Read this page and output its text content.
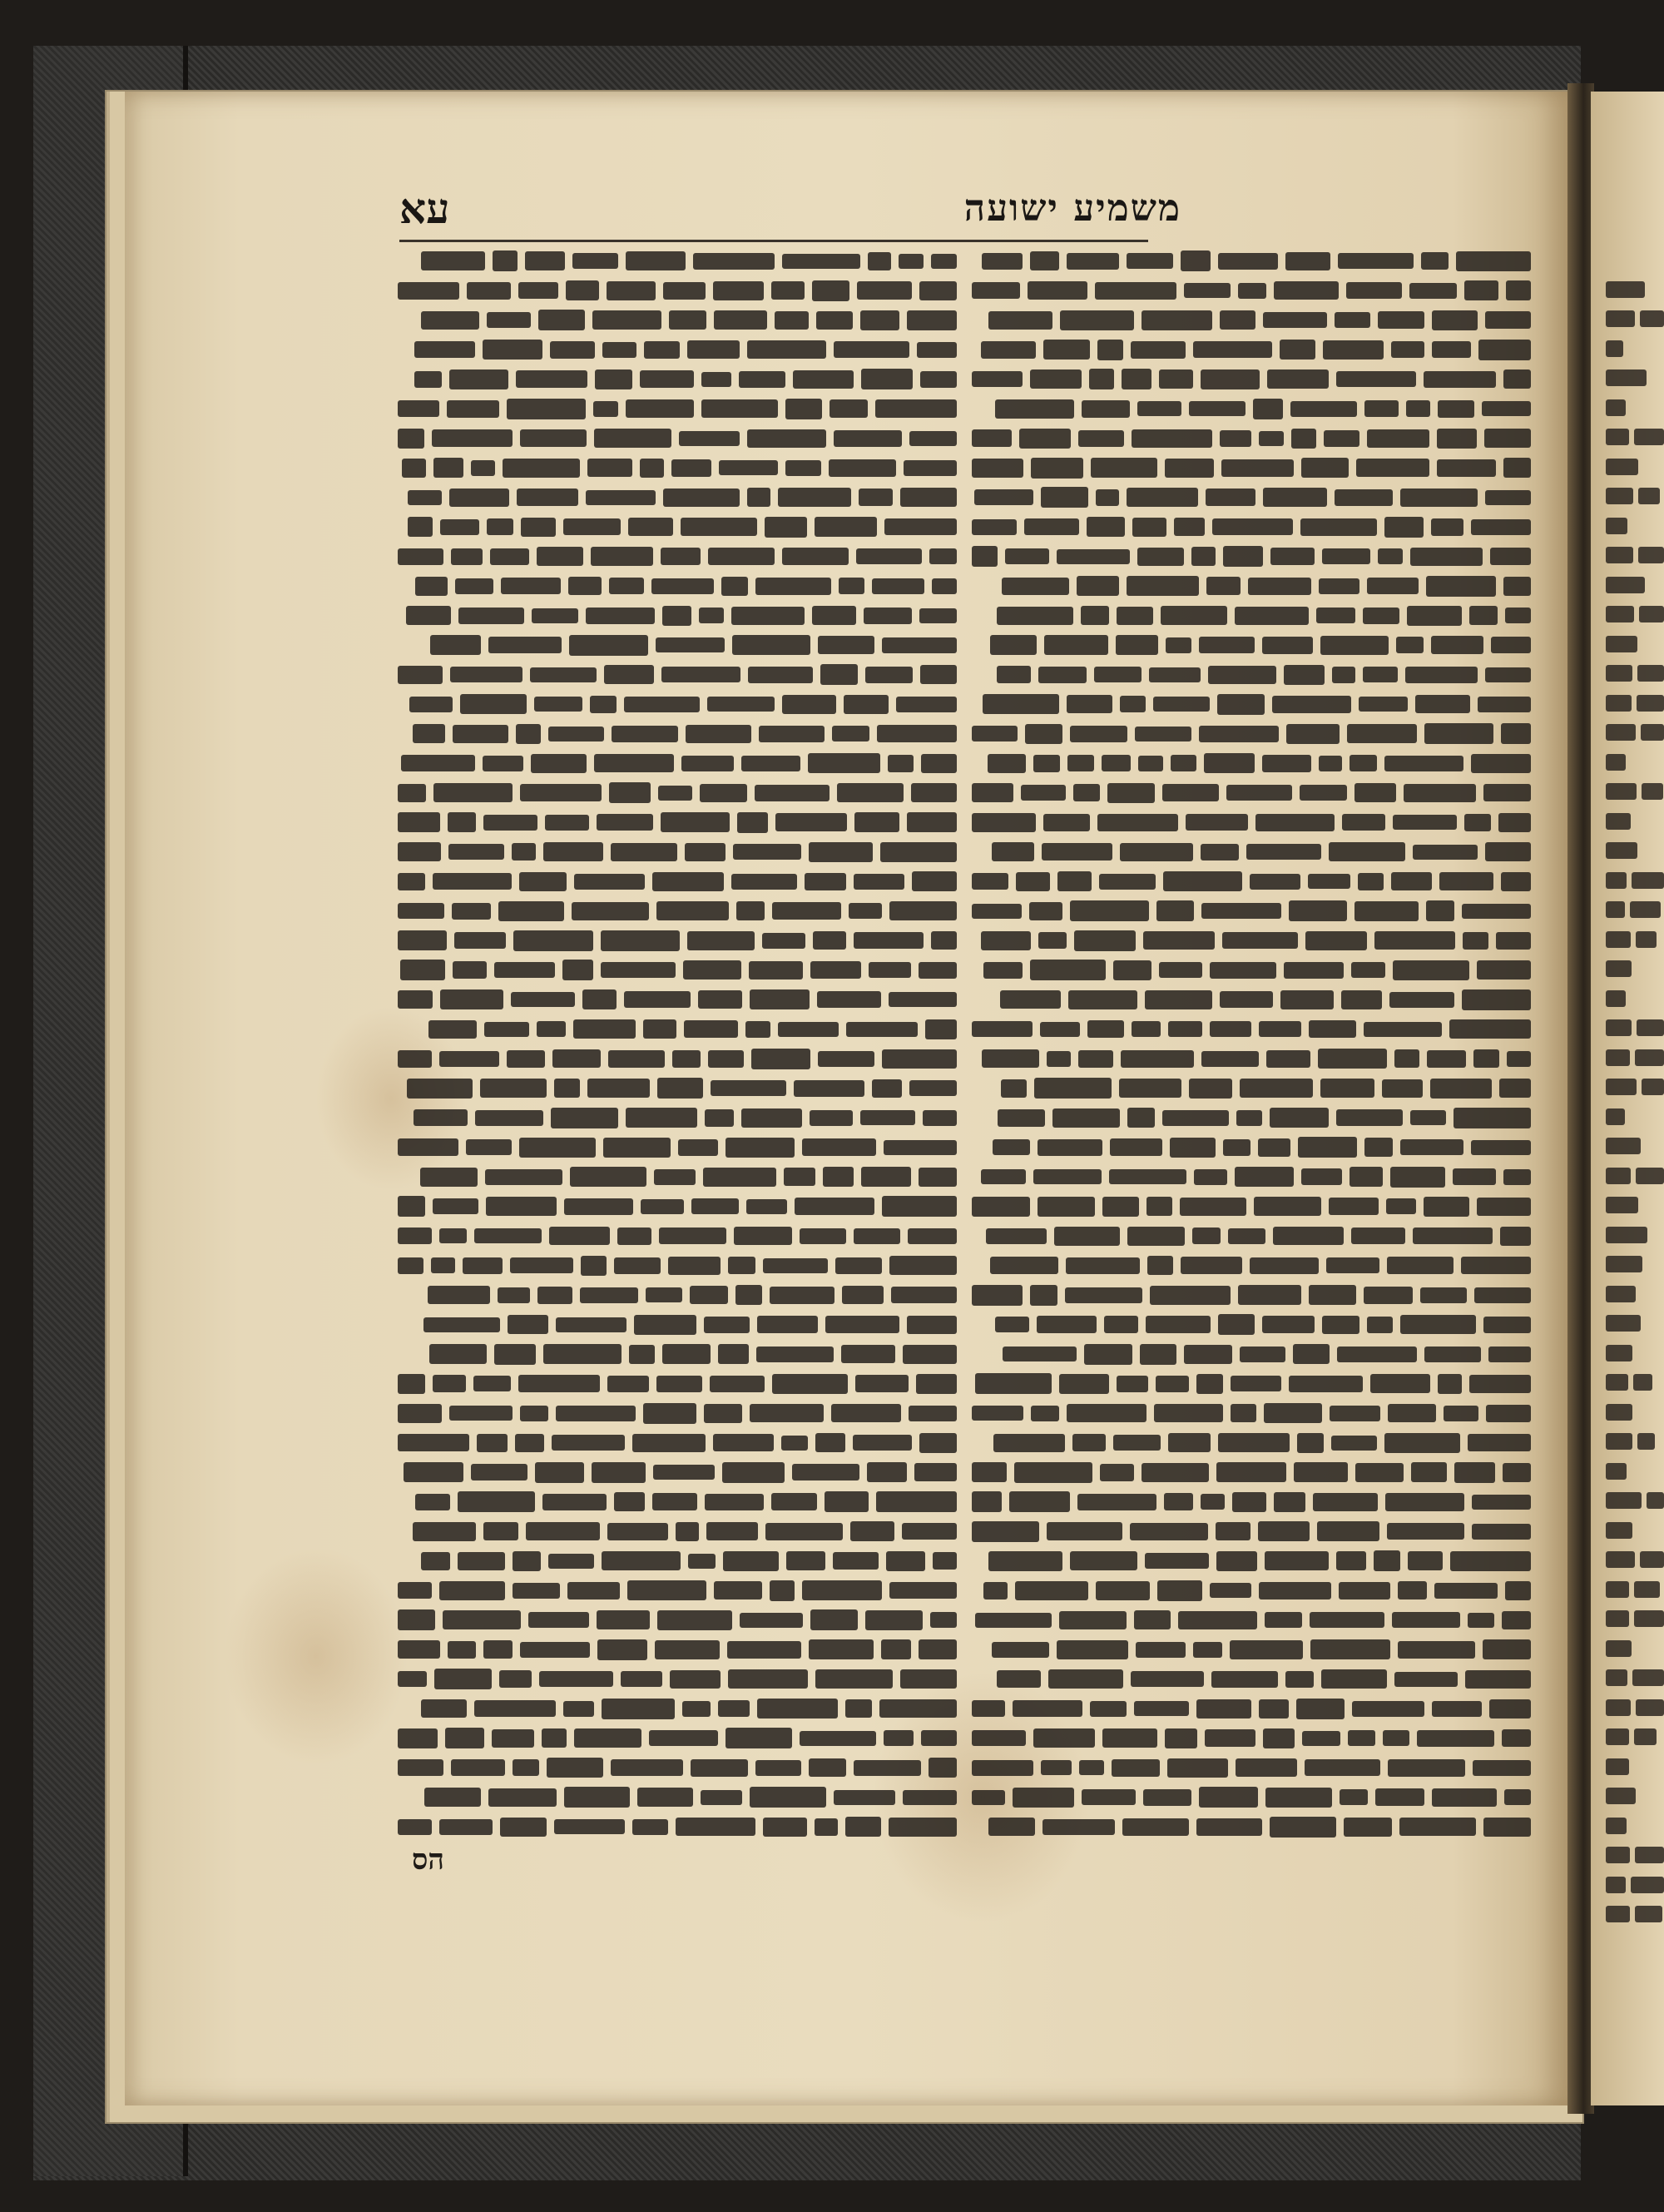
משמיע ישועה
עא
הס
